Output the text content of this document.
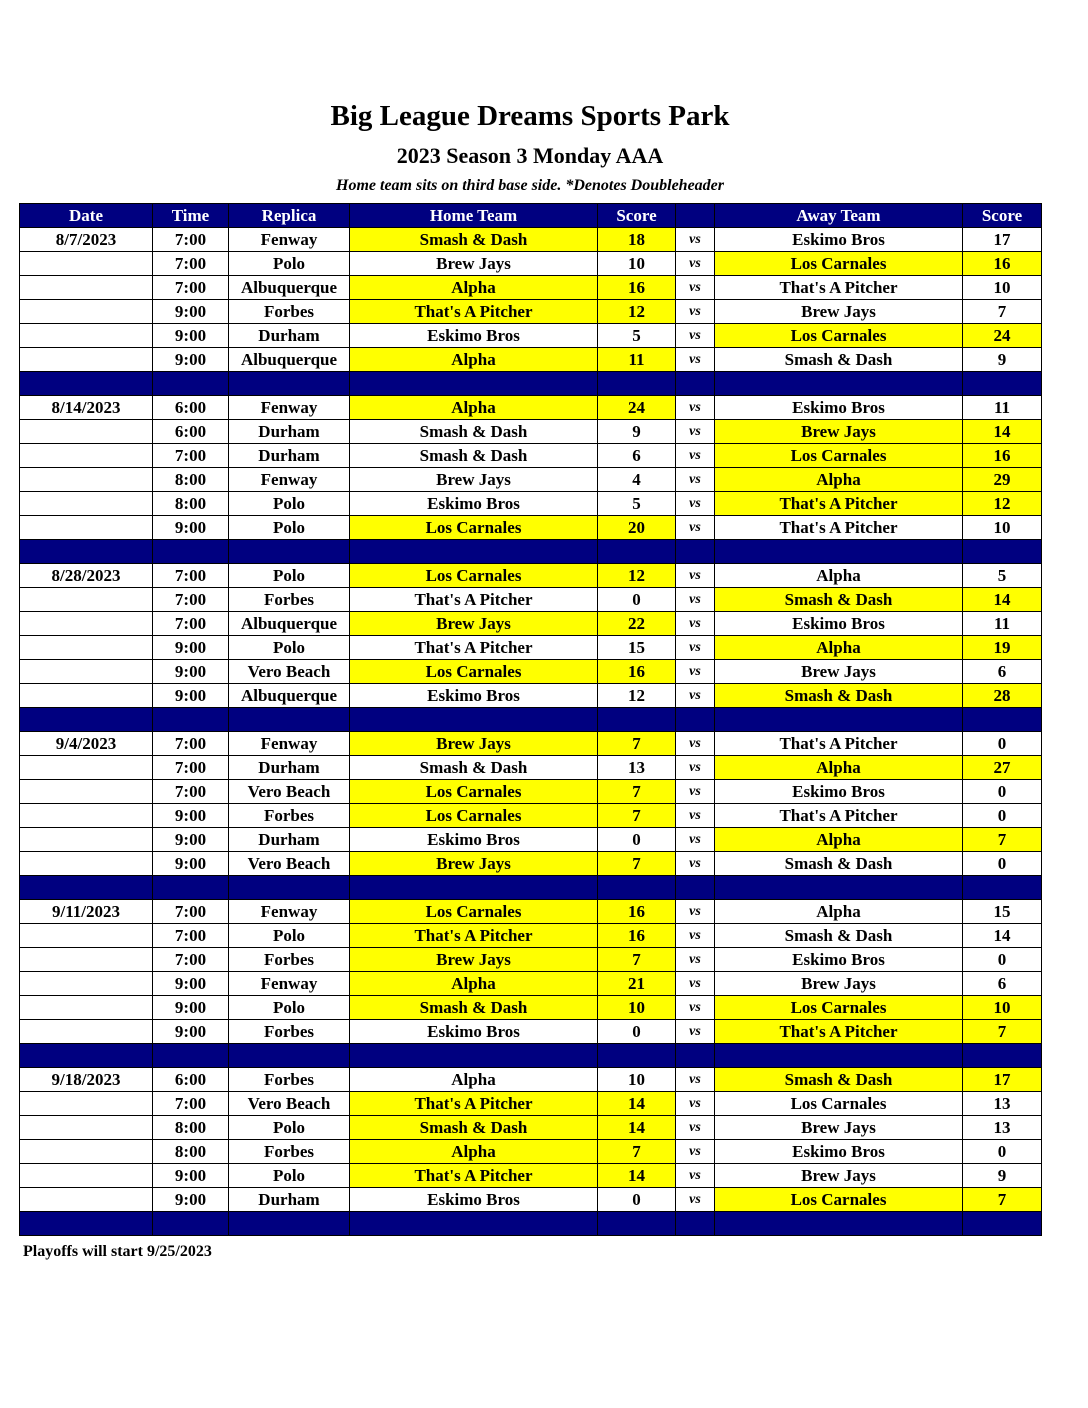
Big League Dreams Sports Park
2023 Season 3 Monday AAA
Home team sits on third base side. *Denotes Doubleheader
Date	Time	Replica	Home Team	Score		Away Team	Score
8/7/2023	7:00	Fenway	Smash & Dash	18	vs	Eskimo Bros	17
	7:00	Polo	Brew Jays	10	vs	Los Carnales	16
	7:00	Albuquerque	Alpha	16	vs	That's A Pitcher	10
	9:00	Forbes	That's A Pitcher	12	vs	Brew Jays	7
	9:00	Durham	Eskimo Bros	5	vs	Los Carnales	24
	9:00	Albuquerque	Alpha	11	vs	Smash & Dash	9

8/14/2023	6:00	Fenway	Alpha	24	vs	Eskimo Bros	11
	6:00	Durham	Smash & Dash	9	vs	Brew Jays	14
	7:00	Durham	Smash & Dash	6	vs	Los Carnales	16
	8:00	Fenway	Brew Jays	4	vs	Alpha	29
	8:00	Polo	Eskimo Bros	5	vs	That's A Pitcher	12
	9:00	Polo	Los Carnales	20	vs	That's A Pitcher	10

8/28/2023	7:00	Polo	Los Carnales	12	vs	Alpha	5
	7:00	Forbes	That's A Pitcher	0	vs	Smash & Dash	14
	7:00	Albuquerque	Brew Jays	22	vs	Eskimo Bros	11
	9:00	Polo	That's A Pitcher	15	vs	Alpha	19
	9:00	Vero Beach	Los Carnales	16	vs	Brew Jays	6
	9:00	Albuquerque	Eskimo Bros	12	vs	Smash & Dash	28

9/4/2023	7:00	Fenway	Brew Jays	7	vs	That's A Pitcher	0
	7:00	Durham	Smash & Dash	13	vs	Alpha	27
	7:00	Vero Beach	Los Carnales	7	vs	Eskimo Bros	0
	9:00	Forbes	Los Carnales	7	vs	That's A Pitcher	0
	9:00	Durham	Eskimo Bros	0	vs	Alpha	7
	9:00	Vero Beach	Brew Jays	7	vs	Smash & Dash	0

9/11/2023	7:00	Fenway	Los Carnales	16	vs	Alpha	15
	7:00	Polo	That's A Pitcher	16	vs	Smash & Dash	14
	7:00	Forbes	Brew Jays	7	vs	Eskimo Bros	0
	9:00	Fenway	Alpha	21	vs	Brew Jays	6
	9:00	Polo	Smash & Dash	10	vs	Los Carnales	10
	9:00	Forbes	Eskimo Bros	0	vs	That's A Pitcher	7

9/18/2023	6:00	Forbes	Alpha	10	vs	Smash & Dash	17
	7:00	Vero Beach	That's A Pitcher	14	vs	Los Carnales	13
	8:00	Polo	Smash & Dash	14	vs	Brew Jays	13
	8:00	Forbes	Alpha	7	vs	Eskimo Bros	0
	9:00	Polo	That's A Pitcher	14	vs	Brew Jays	9
	9:00	Durham	Eskimo Bros	0	vs	Los Carnales	7

Playoffs will start 9/25/2023
